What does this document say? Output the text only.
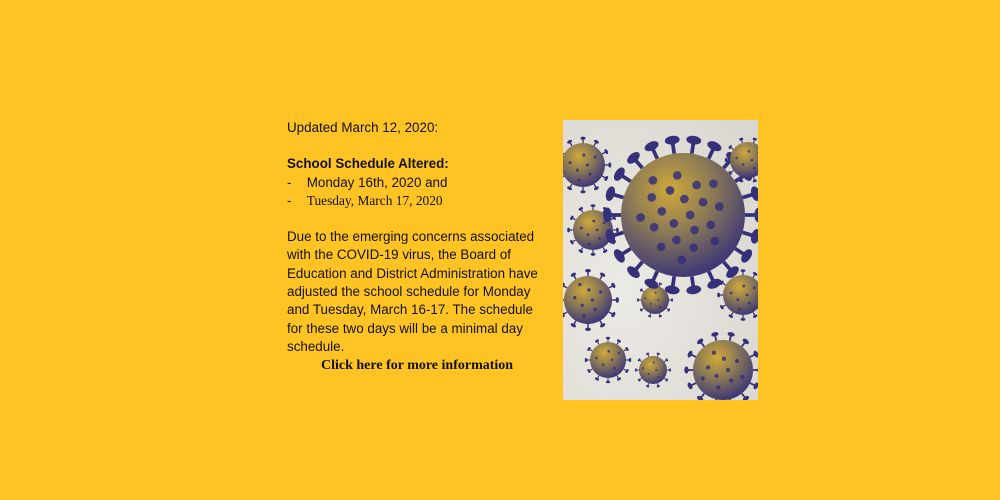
Updated March 12, 2020:
School Schedule Altered:
- Monday 16th, 2020 and
- Tuesday, March 17, 2020
Due to the emerging concerns associated
with the COVID-19 virus, the Board of
Education and District Administration have
adjusted the school schedule for Monday
and Tuesday, March 16-17. The schedule
for these two days will be a minimal day
schedule.
Click here for more information
